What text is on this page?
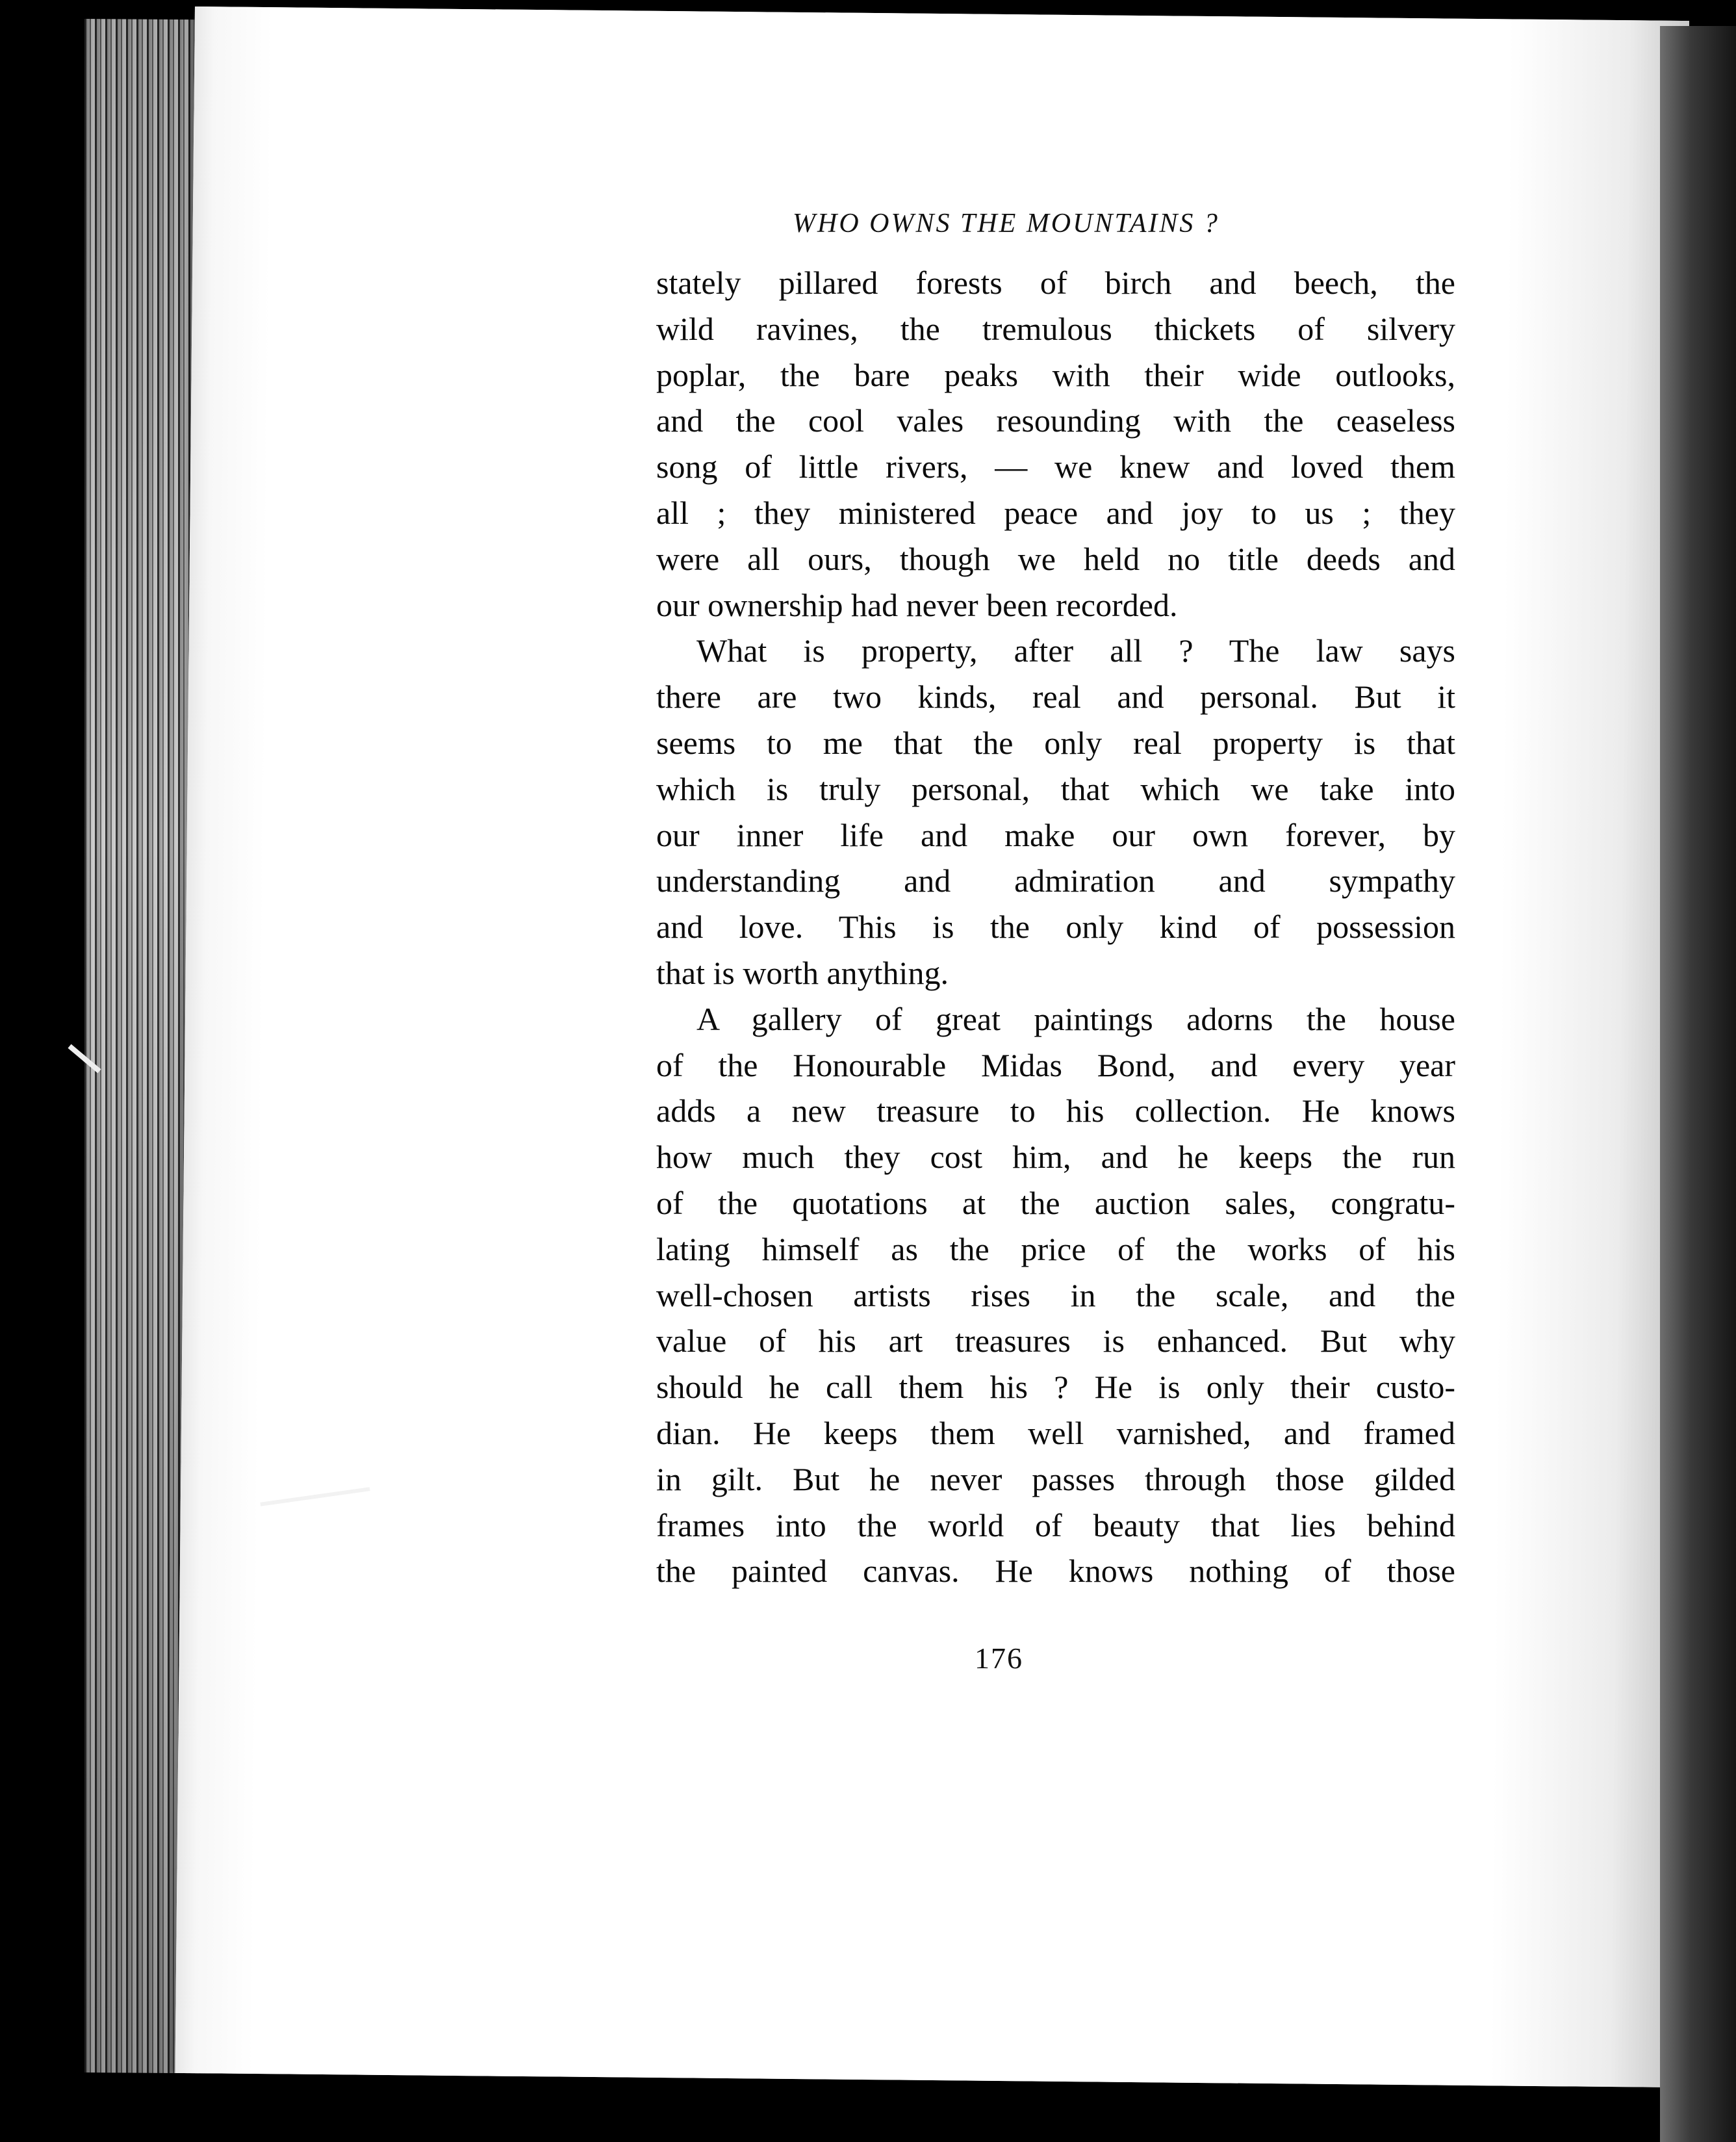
WHO OWNS THE MOUNTAINS ?
stately pillared forests of birch and beech, the
wild ravines, the tremulous thickets of silvery
poplar, the bare peaks with their wide outlooks,
and the cool vales resounding with the ceaseless
song of little rivers, — we knew and loved them
all ; they ministered peace and joy to us ; they
were all ours, though we held no title deeds and
our ownership had never been recorded.
What is property, after all ? The law says
there are two kinds, real and personal. But it
seems to me that the only real property is that
which is truly personal, that which we take into
our inner life and make our own forever, by
understanding and admiration and sympathy
and love. This is the only kind of possession
that is worth anything.
A gallery of great paintings adorns the house
of the Honourable Midas Bond, and every year
adds a new treasure to his collection. He knows
how much they cost him, and he keeps the run
of the quotations at the auction sales, congratu-
lating himself as the price of the works of his
well-chosen artists rises in the scale, and the
value of his art treasures is enhanced. But why
should he call them his ? He is only their custo-
dian. He keeps them well varnished, and framed
in gilt. But he never passes through those gilded
frames into the world of beauty that lies behind
the painted canvas. He knows nothing of those
176
